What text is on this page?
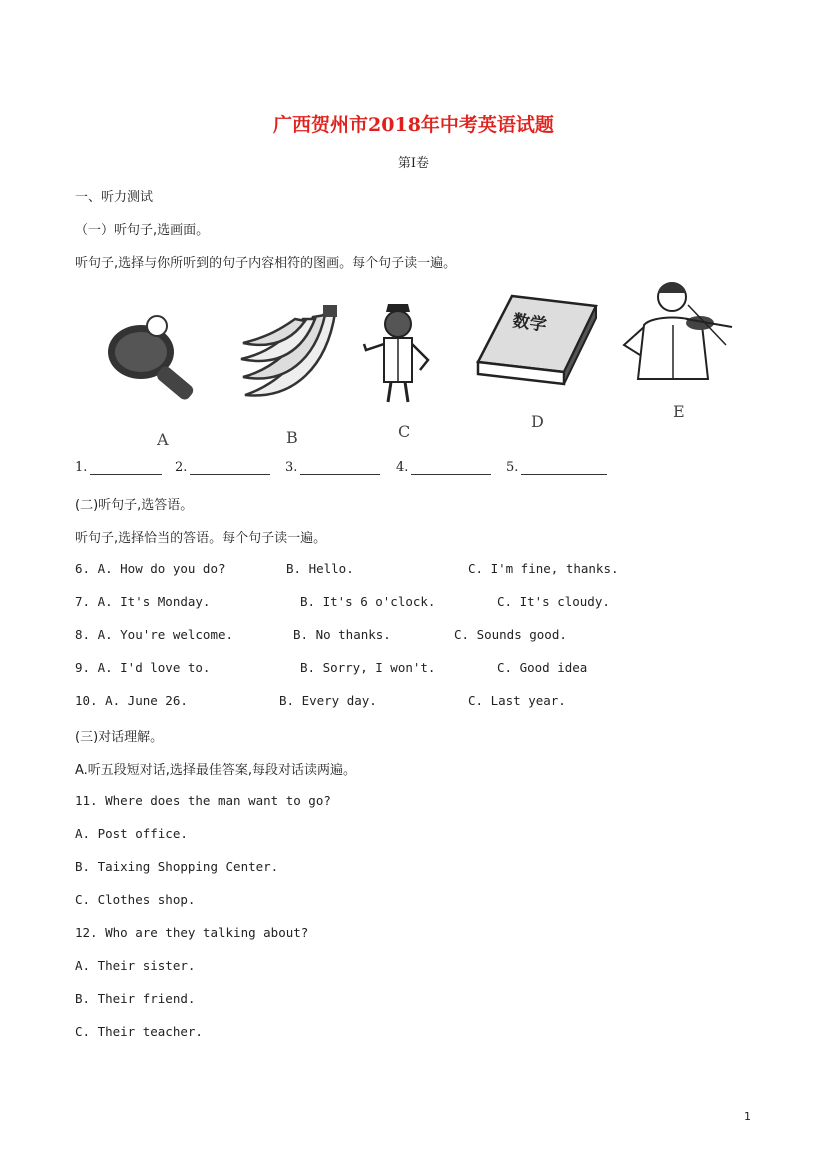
广西贺州市2018年中考英语试题
第Ⅰ卷
一、听力测试
（一）听句子,选画面。
听句子,选择与你所听到的句子内容相符的图画。每个句子读一遍。
A	B	C
数学
D
E
1.	2.	3.	4.	5.
(二)听句子,选答语。
听句子,选择恰当的答语。每个句子读一遍。
6. A. How do you do?	B. Hello.	C. I'm fine, thanks.
7. A. It's Monday.	B. It's 6 o'clock.	C. It's cloudy.
8. A. You're welcome.	B. No thanks.	C. Sounds good.
9. A. I'd love to.	B. Sorry, I won't.	C. Good idea
10. A. June 26.	B. Every day.	C. Last year.
(三)对话理解。
A.听五段短对话,选择最佳答案,每段对话读两遍。
11. Where does the man want to go?
A. Post office.
B. Taixing Shopping Center.
C. Clothes shop.
12. Who are they talking about?
A. Their sister.
B. Their friend.
C. Their teacher.
1
